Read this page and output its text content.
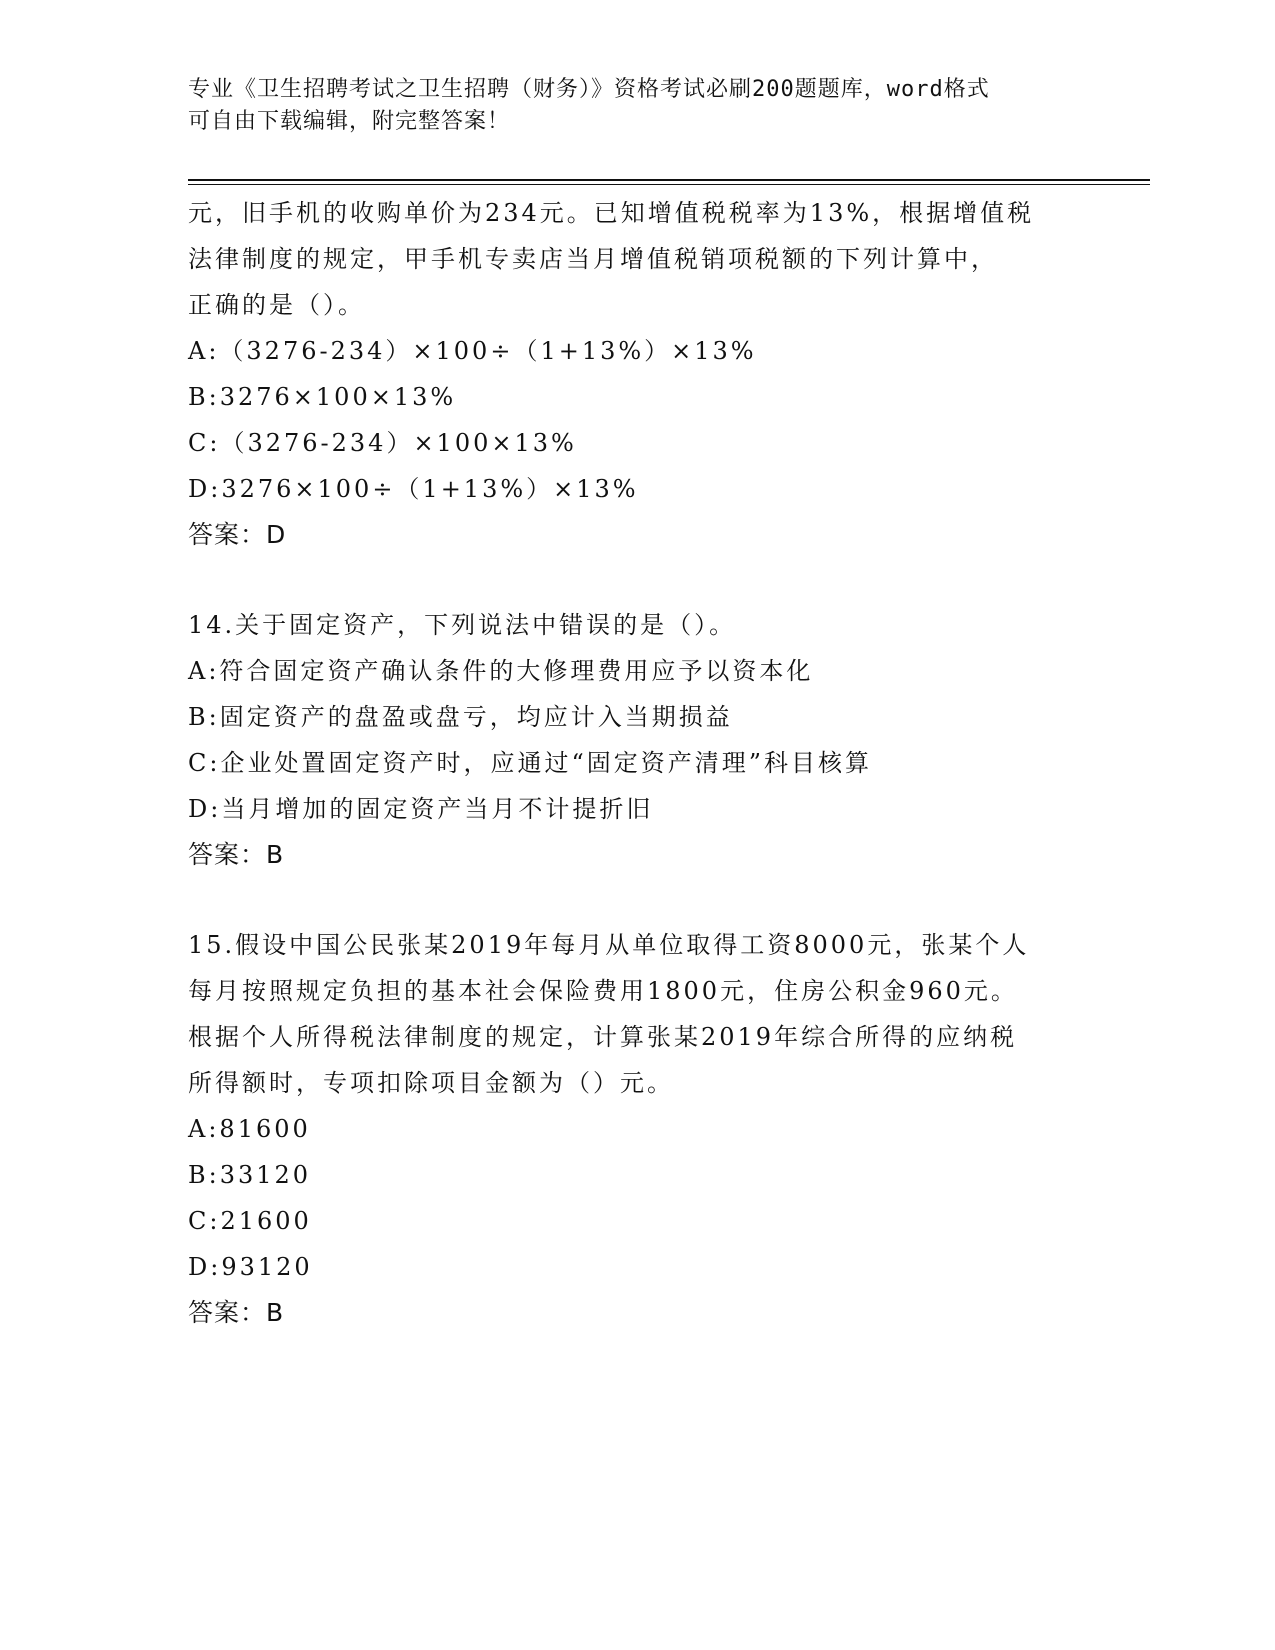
专业《卫生招聘考试之卫生招聘（财务）》资格考试必刷200题题库，word格式
可自由下载编辑，附完整答案！
元，旧手机的收购单价为234元。已知增值税税率为13%，根据增值税
法律制度的规定，甲手机专卖店当月增值税销项税额的下列计算中，
正确的是（）。
A:（3276-234）×100÷（1+13%）×13%
B:3276×100×13%
C:（3276-234）×100×13%
D:3276×100÷（1+13%）×13%
答案：D
14.关于固定资产，下列说法中错误的是（）。
A:符合固定资产确认条件的大修理费用应予以资本化
B:固定资产的盘盈或盘亏，均应计入当期损益
C:企业处置固定资产时，应通过“固定资产清理”科目核算
D:当月增加的固定资产当月不计提折旧
答案：B
15.假设中国公民张某2019年每月从单位取得工资8000元，张某个人
每月按照规定负担的基本社会保险费用1800元，住房公积金960元。
根据个人所得税法律制度的规定，计算张某2019年综合所得的应纳税
所得额时，专项扣除项目金额为（）元。
A:81600
B:33120
C:21600
D:93120
答案：B
